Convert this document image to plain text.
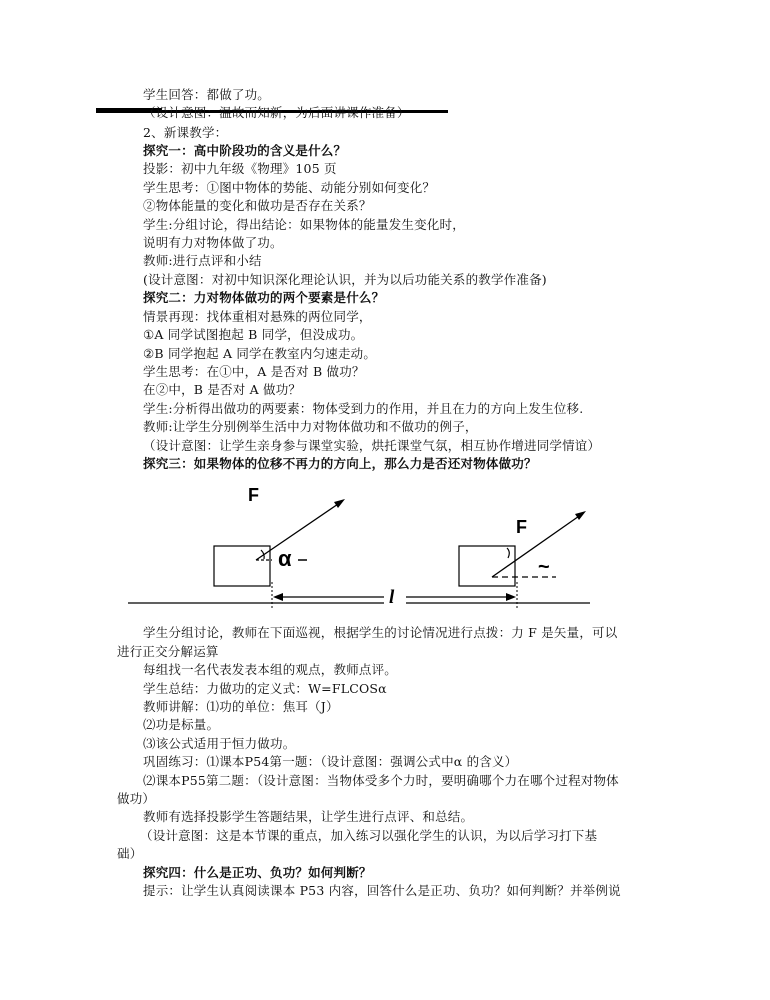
学生回答：都做了功。
（设计意图：温故而知新，为后面讲课作准备）
2、新课教学：
探究一：高中阶段功的含义是什么？
投影：初中九年级《物理》105 页
学生思考：①图中物体的势能、动能分别如何变化？
②物体能量的变化和做功是否存在关系？
学生:分组讨论，得出结论：如果物体的能量发生变化时，
说明有力对物体做了功。
教师:进行点评和小结
(设计意图：对初中知识深化理论认识，并为以后功能关系的教学作准备)
探究二：力对物体做功的两个要素是什么？
情景再现：找体重相对悬殊的两位同学，
①A 同学试图抱起 B 同学，但没成功。
②B 同学抱起 A 同学在教室内匀速走动。
学生思考：在①中，A 是否对 B 做功？
在②中，B 是否对 A 做功？
学生:分析得出做功的两要素：物体受到力的作用，并且在力的方向上发生位移.
教师:让学生分别例举生活中力对物体做功和不做功的例子，
（设计意图：让学生亲身参与课堂实验，烘托课堂气氛，相互协作增进同学情谊）
探究三：如果物体的位移不再力的方向上，那么力是否还对物体做功？
F
α
F
~
l
学生分组讨论，教师在下面巡视，根据学生的讨论情况进行点拨：力 F 是矢量，可以
进行正交分解运算
每组找一名代表发表本组的观点，教师点评。
学生总结：力做功的定义式：W=FLCOSα
教师讲解：⑴功的单位：焦耳（J）
⑵功是标量。
⑶该公式适用于恒力做功。
巩固练习：⑴课本P54第一题：（设计意图：强调公式中α 的含义）
⑵课本P55第二题：（设计意图：当物体受多个力时，要明确哪个力在哪个过程对物体
做功）
教师有选择投影学生答题结果，让学生进行点评、和总结。
（设计意图：这是本节课的重点，加入练习以强化学生的认识，为以后学习打下基
础）
探究四：什么是正功、负功？如何判断？
提示：让学生认真阅读课本 P53 内容，回答什么是正功、负功？如何判断？并举例说
